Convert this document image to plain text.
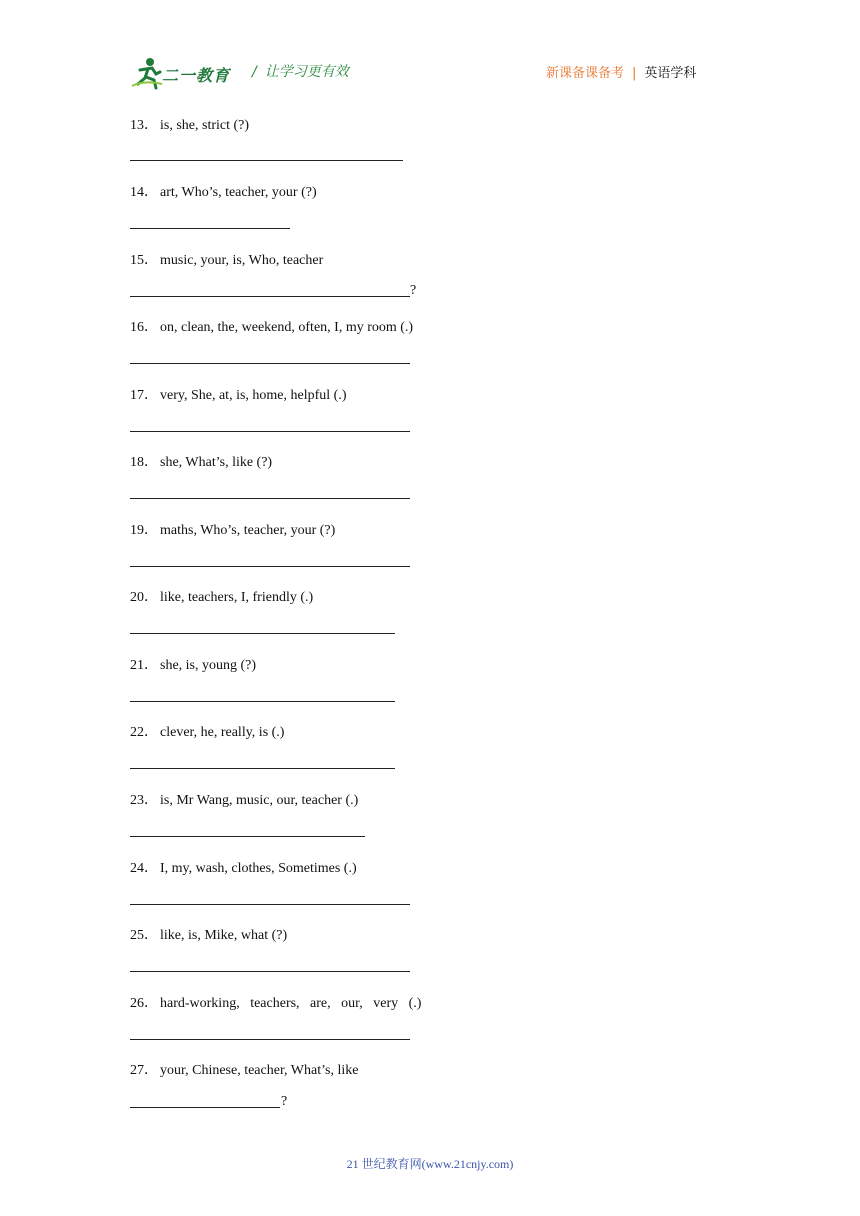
二一教育 / 让学习更有效	新课备课备考 | 英语学科
13． is, she, strict (?)
14． art, Who’s, teacher, your (?)
15． music, your, is, Who, teacher
?
16． on, clean, the, weekend, often, I, my room (.)
17． very, She, at, is, home, helpful (.)
18． she, What’s, like (?)
19． maths, Who’s, teacher, your (?)
20． like, teachers, I, friendly (.)
21． she, is, young (?)
22． clever, he, really, is (.)
23． is, Mr Wang, music, our, teacher (.)
24． I, my, wash, clothes, Sometimes (.)
25． like, is, Mike, what (?)
26． hard-working,   teachers,   are,   our,   very   (.)
27． your, Chinese, teacher, What’s, like
?
21 世纪教育网(www.21cnjy.com)
